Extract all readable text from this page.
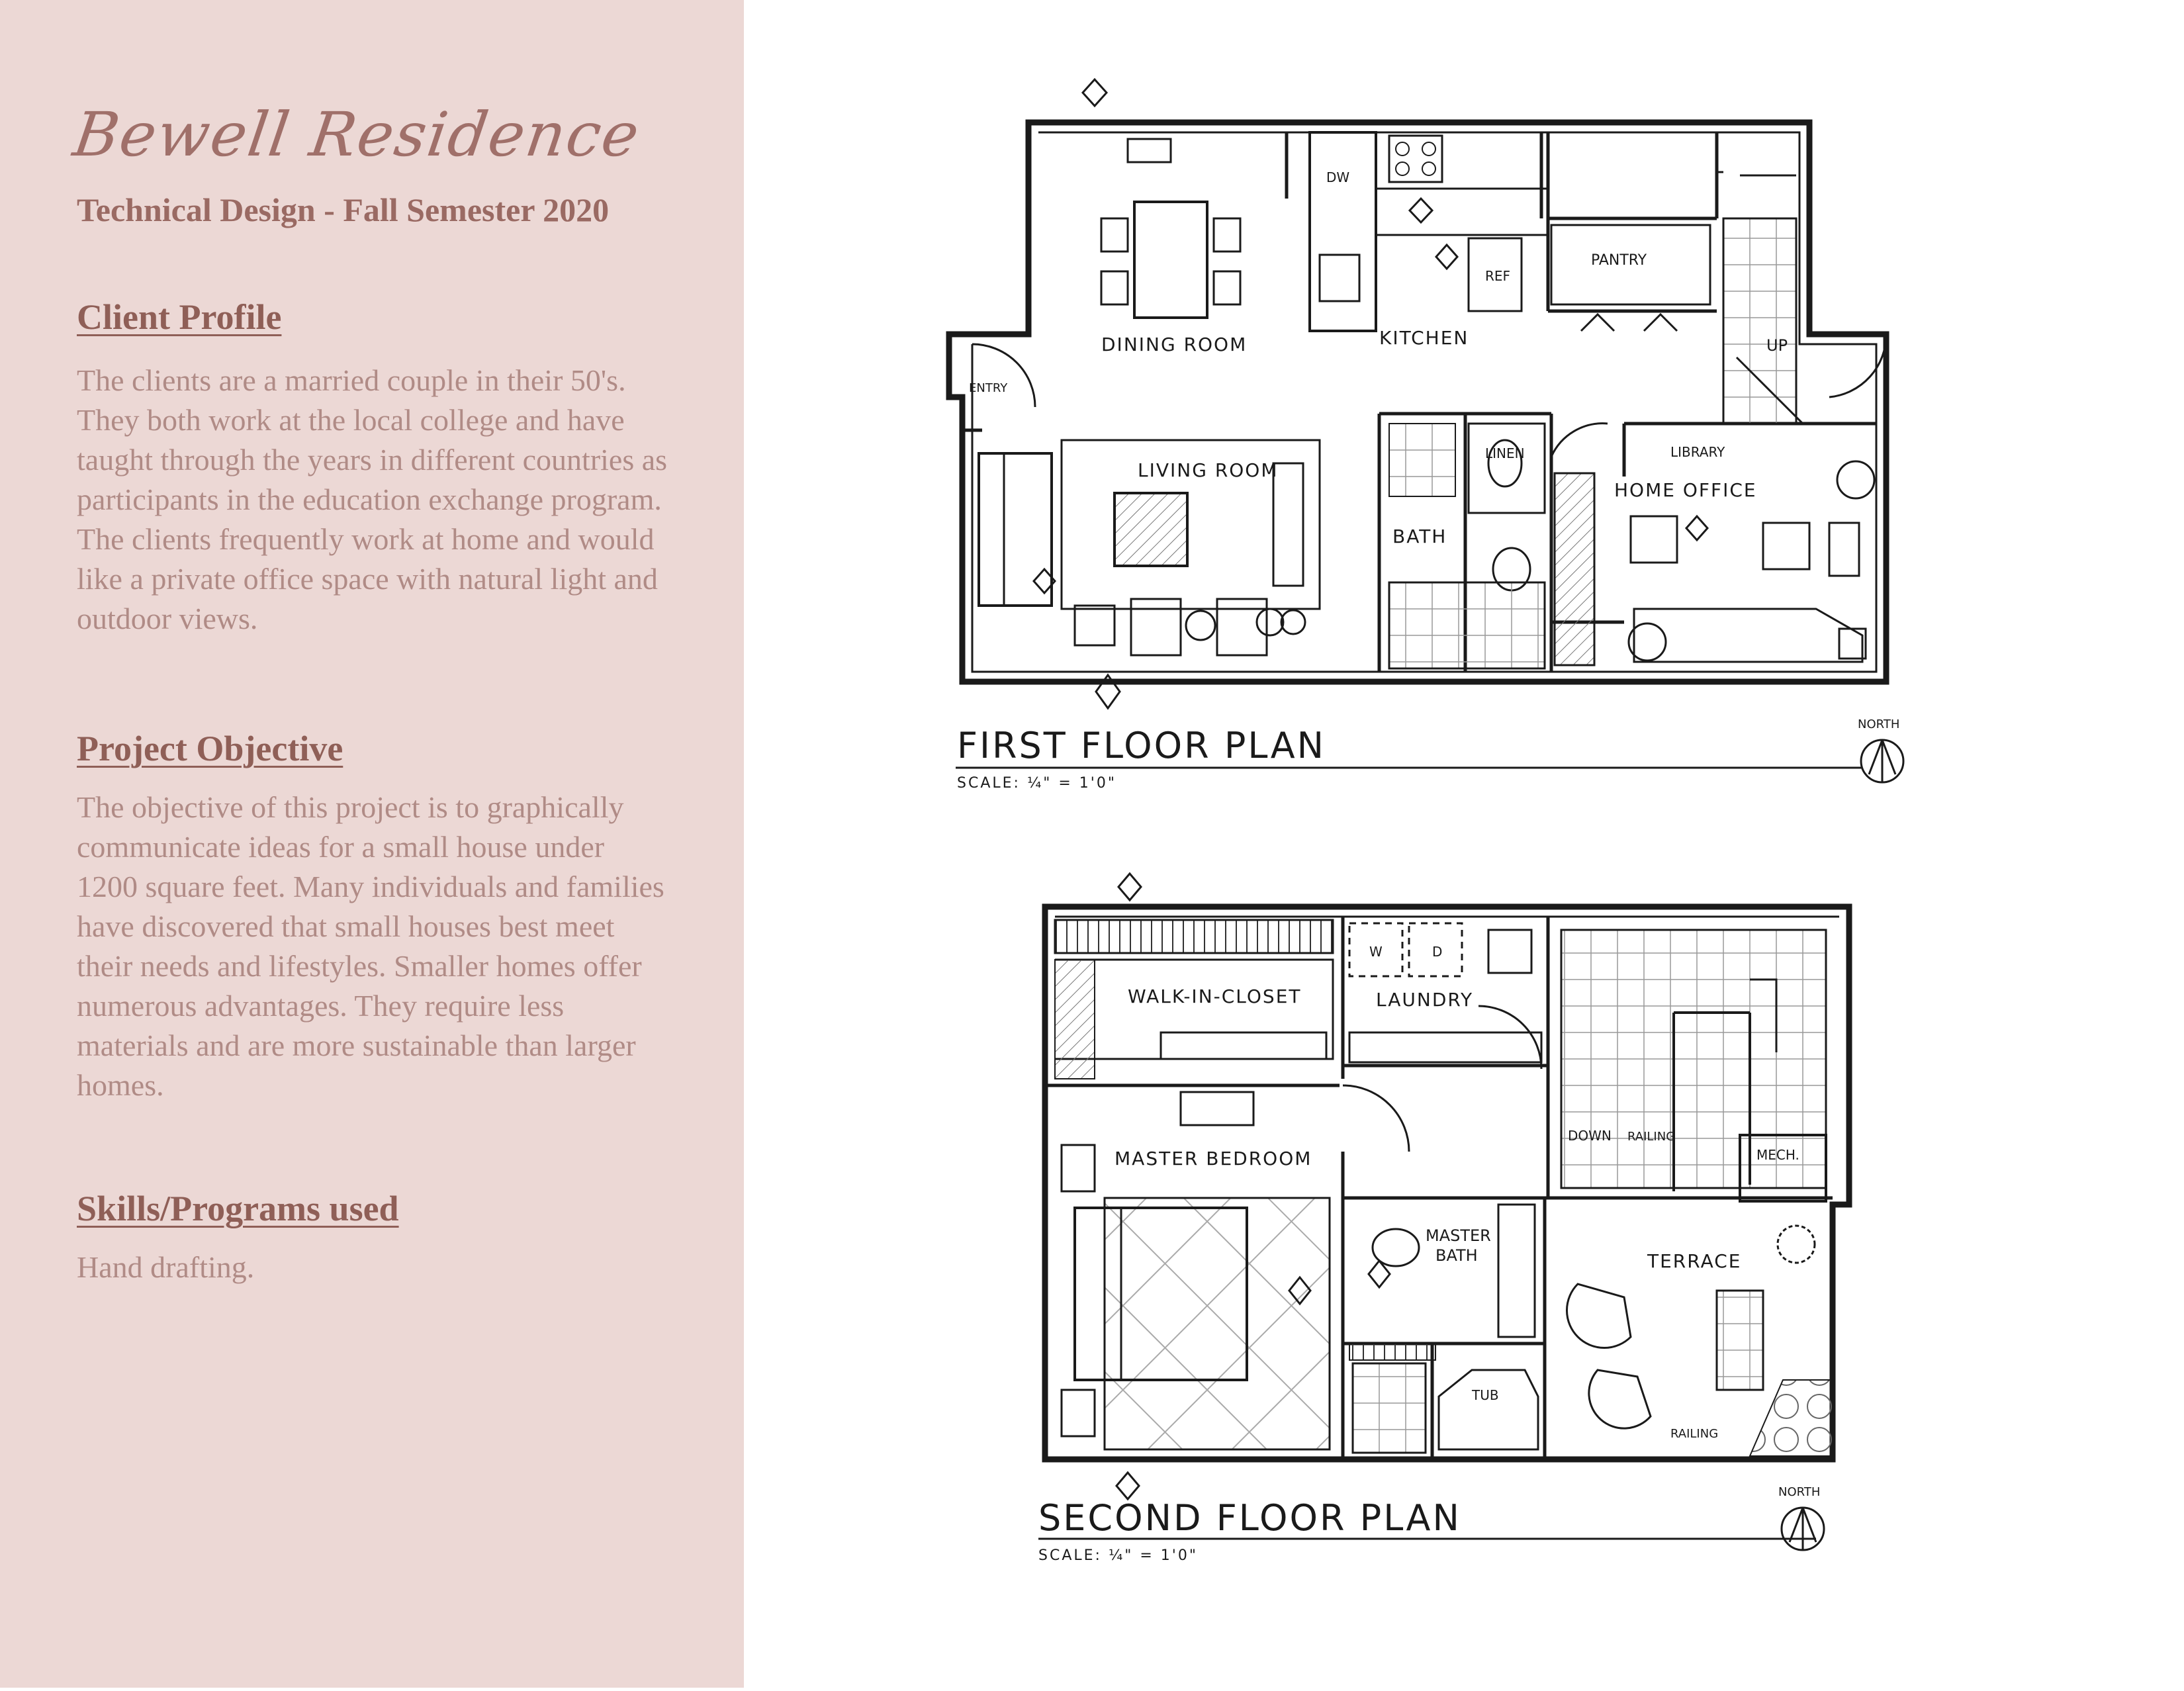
Bewell Residence
Technical Design - Fall Semester 2020
Client Profile
The clients are a married couple in their 50's. They both work at the local college and have taught through the years in different countries as participants in the education exchange program. The clients frequently work at home and would like a private office space with natural light and outdoor views.
Project Objective
The objective of this project is to graphically communicate ideas for a small house under 1200 square feet. Many individuals and families have discovered that small houses best meet their needs and lifestyles. Smaller homes offer numerous advantages. They require less materials and are more sustainable than larger homes.
Skills/Programs used
Hand drafting.
DINING ROOM	KITCHEN
PANTRY
REF
DW
ENTRY
UP
LIVING ROOM
BATH
LINEN	LIBRARY
HOME OFFICE
FIRST FLOOR PLAN
SCALE: ¼" = 1'0"
NORTH
WALK-IN-CLOSET	LAUNDRY
W	D
DOWN RAILING
MECH.
MASTER BEDROOM
MASTER
BATH
TUB
TERRACE
RAILING
SECOND FLOOR PLAN
SCALE: ¼" = 1'0"
NORTH
